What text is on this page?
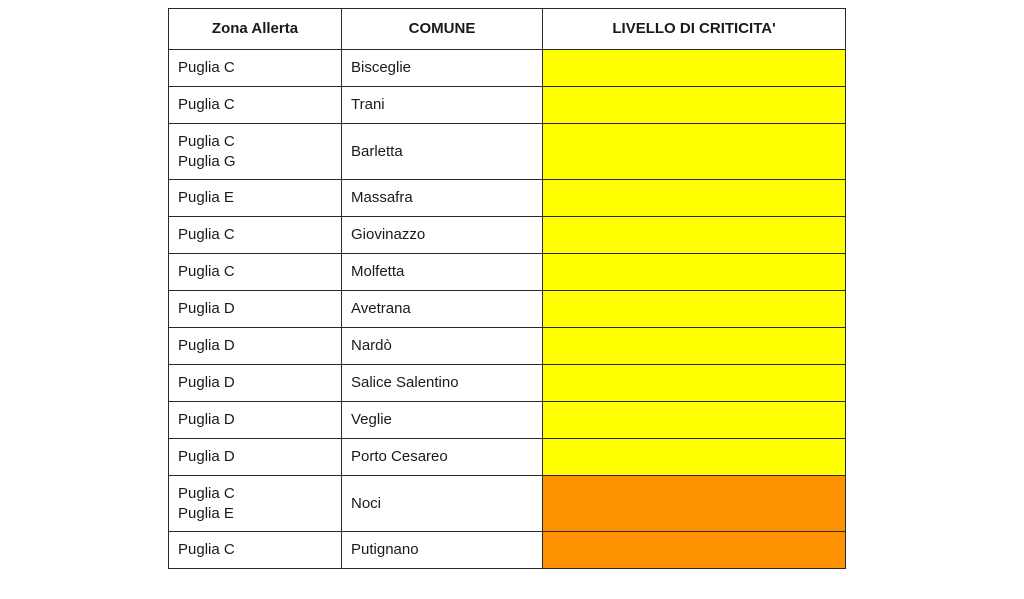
Zona Allerta	COMUNE	LIVELLO DI CRITICITA'

Puglia C	Bisceglie	

Puglia C	Trani	

Puglia C
Puglia G	Barletta	

Puglia E	Massafra	

Puglia C	Giovinazzo	

Puglia C	Molfetta	

Puglia D	Avetrana	

Puglia D	Nardò	

Puglia D	Salice Salentino	

Puglia D	Veglie	

Puglia D	Porto Cesareo	

Puglia C
Puglia E	Noci	

Puglia C	Putignano	
